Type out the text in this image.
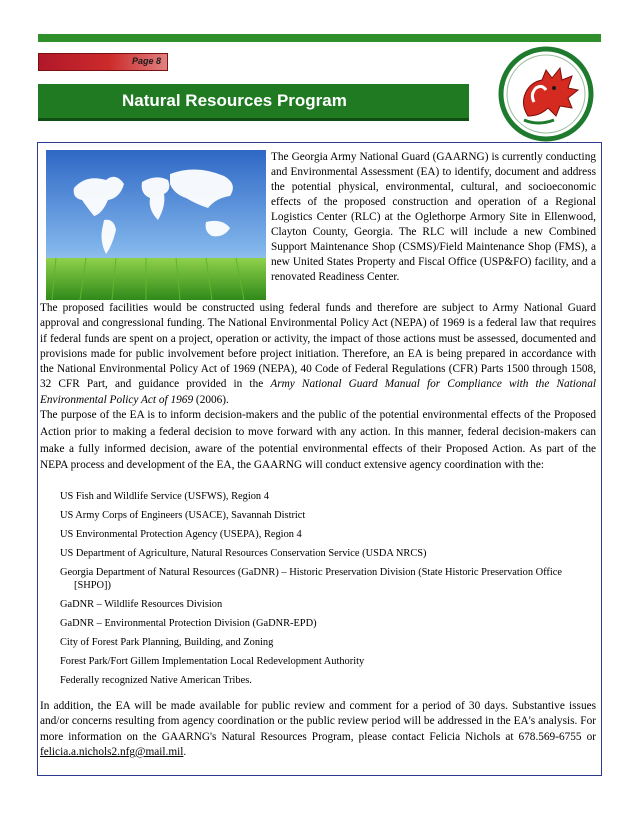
Page 8
Natural Resources Program
The Georgia Army National Guard (GAARNG) is currently conducting and Environmental Assessment (EA) to identify, document and address the potential physical, environmental, cultural, and socioeconomic effects of the proposed construction and operation of a Regional Logistics Center (RLC) at the Oglethorpe Armory Site in Ellenwood, Clayton County, Georgia. The RLC will include a new Combined Support Maintenance Shop (CSMS)/Field Maintenance Shop (FMS), a new United States Property and Fiscal Office (USP&FO) facility, and a renovated Readiness Center.

The proposed facilities would be constructed using federal funds and therefore are subject to Army National Guard approval and congressional funding. The National Environmental Policy Act (NEPA) of 1969 is a federal law that requires if federal funds are spent on a project, operation or activity, the impact of those actions must be assessed, documented and provisions made for public involvement before project initiation. Therefore, an EA is being prepared in accordance with the National Environmental Policy Act of 1969 (NEPA), 40 Code of Federal Regulations (CFR) Parts 1500 through 1508, 32 CFR Part, and guidance provided in the Army National Guard Manual for Compliance with the National Environmental Policy Act of 1969 (2006).

The purpose of the EA is to inform decision-makers and the public of the potential environmental effects of the Proposed Action prior to making a federal decision to move forward with any action. In this manner, federal decision-makers can make a fully informed decision, aware of the potential environmental effects of their Proposed Action. As part of the NEPA process and development of the EA, the GAARNG will conduct extensive agency coordination with the:

US Fish and Wildlife Service (USFWS), Region 4
US Army Corps of Engineers (USACE), Savannah District
US Environmental Protection Agency (USEPA), Region 4
US Department of Agriculture, Natural Resources Conservation Service (USDA NRCS)
Georgia Department of Natural Resources (GaDNR) – Historic Preservation Division (State Historic Preservation Office [SHPO])
GaDNR – Wildlife Resources Division
GaDNR – Environmental Protection Division (GaDNR-EPD)
City of Forest Park Planning, Building, and Zoning
Forest Park/Fort Gillem Implementation Local Redevelopment Authority
Federally recognized Native American Tribes.

In addition, the EA will be made available for public review and comment for a period of 30 days. Substantive issues and/or concerns resulting from agency coordination or the public review period will be addressed in the EA's analysis. For more information on the GAARNG's Natural Resources Program, please contact Felicia Nichols at 678.569-6755 or felicia.a.nichols2.nfg@mail.mil.
